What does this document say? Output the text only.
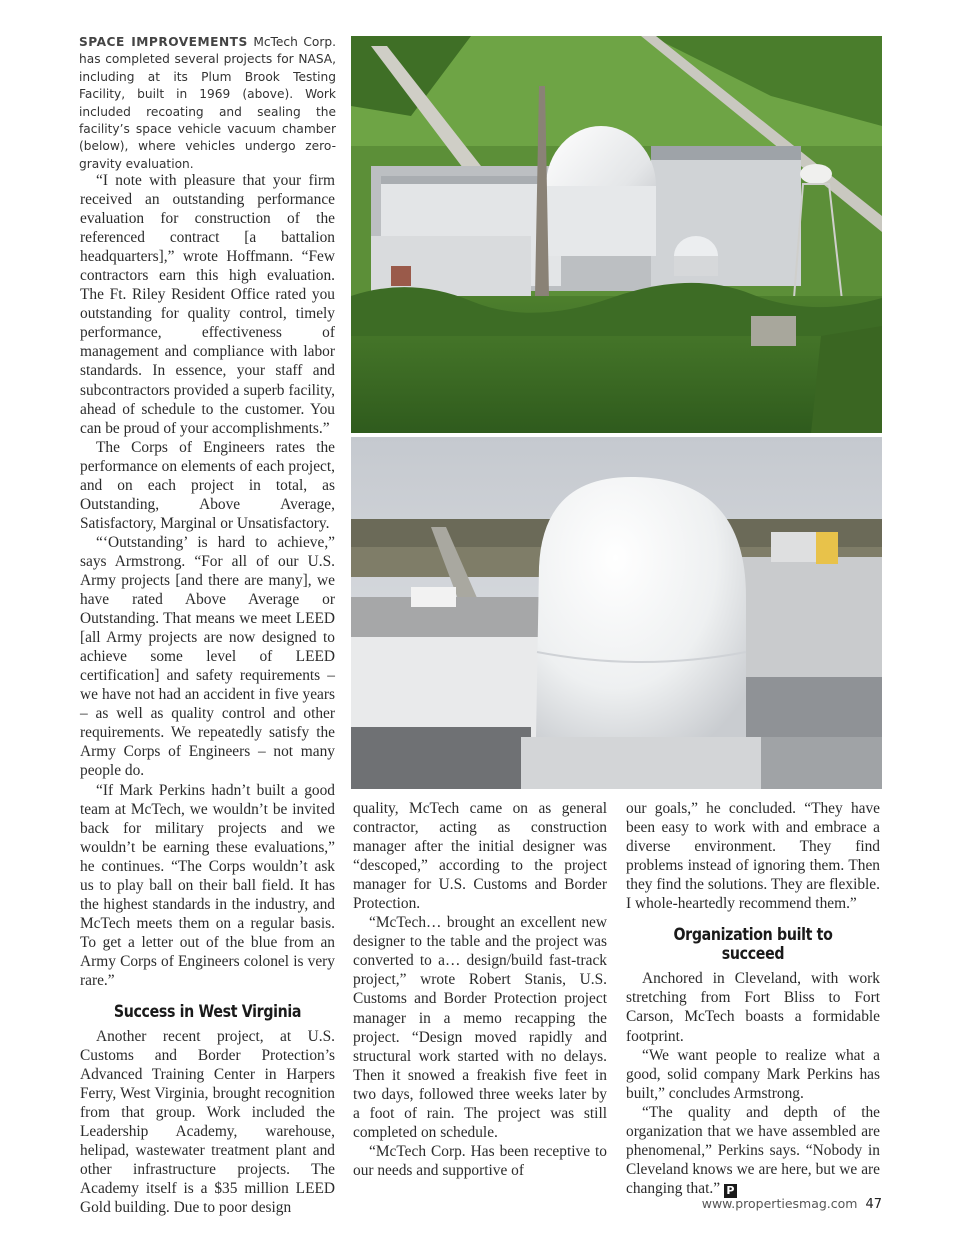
SPACE IMPROVEMENTS McTech Corp. has completed several projects for NASA, including at its Plum Brook Testing Facility, built in 1969 (above). Work included recoating and sealing the facility’s space vehicle vacuum chamber (below), where vehicles undergo zero-gravity evaluation.

“I note with pleasure that your firm received an outstanding performance evaluation for construction of the referenced contract [a battalion headquarters],” wrote Hoffmann. “Few contractors earn this high evaluation. The Ft. Riley Resident Office rated you outstanding for quality control, timely performance, effectiveness of management and compliance with labor standards. In essence, your staff and subcontractors provided a superb facility, ahead of schedule to the customer. You can be proud of your accomplishments.”

The Corps of Engineers rates the performance on elements of each project, and on each project in total, as Outstanding, Above Average, Satisfactory, Marginal or Unsatisfactory.

“‘Outstanding’ is hard to achieve,” says Armstrong. “For all of our U.S. Army projects [and there are many], we have rated Above Average or Outstanding. That means we meet LEED [all Army projects are now designed to achieve some level of LEED certification] and safety requirements – we have not had an accident in five years – as well as quality control and other requirements. We repeatedly satisfy the Army Corps of Engineers – not many people do.

“If Mark Perkins hadn’t built a good team at McTech, we wouldn’t be invited back for military projects and we wouldn’t be earning these evaluations,” he continues. “The Corps wouldn’t ask us to play ball on their ball field. It has the highest standards in the industry, and McTech meets them on a regular basis. To get a letter out of the blue from an Army Corps of Engineers colonel is very rare.”

Success in West Virginia

Another recent project, at U.S. Customs and Border Protection’s Advanced Training Center in Harpers Ferry, West Virginia, brought recognition from that group. Work included the Leadership Academy, warehouse, helipad, wastewater treatment plant and other infrastructure projects. The Academy itself is a $35 million LEED Gold building. Due to poor design

quality, McTech came on as general contractor, acting as construction manager after the initial designer was “descoped,” according to the project manager for U.S. Customs and Border Protection.

“McTech… brought an excellent new designer to the table and the project was converted to a… design/build fast-track project,” wrote Robert Stanis, U.S. Customs and Border Protection project manager in a memo recapping the project. “Design moved rapidly and structural work started with no delays. Then it snowed a freakish five feet in two days, followed three weeks later by a foot of rain. The project was still completed on schedule.

“McTech Corp. Has been receptive to our needs and supportive of

our goals,” he concluded. “They have been easy to work with and embrace a diverse environment. They find problems instead of ignoring them. Then they find the solutions. They are flexible. I whole-heartedly recommend them.”

Organization built to succeed

Anchored in Cleveland, with work stretching from Fort Bliss to Fort Carson, McTech boasts a formidable footprint.

“We want people to realize what a good, solid company Mark Perkins has built,” concludes Armstrong.

“The quality and depth of the organization that we have assembled are phenomenal,” Perkins says. “Nobody in Cleveland knows we are here, but we are changing that.” P

www.propertiesmag.com 47
